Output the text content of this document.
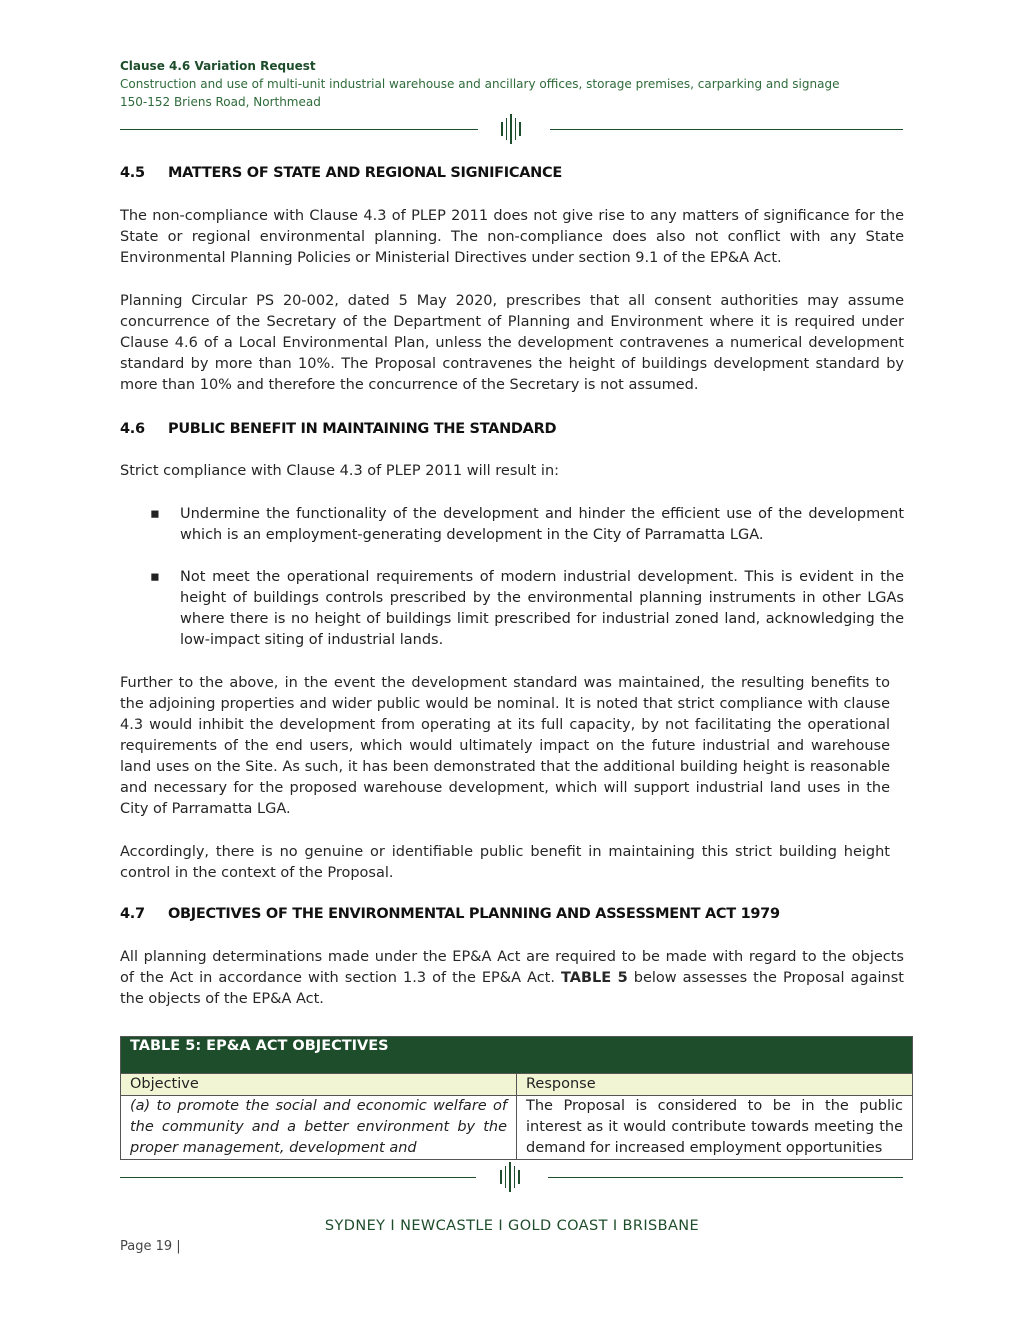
Clause 4.6 Variation Request
Construction and use of multi-unit industrial warehouse and ancillary offices, storage premises, carparking and signage
150-152 Briens Road, Northmead
4.5 MATTERS OF STATE AND REGIONAL SIGNIFICANCE

The non-compliance with Clause 4.3 of PLEP 2011 does not give rise to any matters of significance for the State or regional environmental planning. The non-compliance does also not conflict with any State Environmental Planning Policies or Ministerial Directives under section 9.1 of the EP&A Act.

Planning Circular PS 20-002, dated 5 May 2020, prescribes that all consent authorities may assume concurrence of the Secretary of the Department of Planning and Environment where it is required under Clause 4.6 of a Local Environmental Plan, unless the development contravenes a numerical development standard by more than 10%. The Proposal contravenes the height of buildings development standard by more than 10% and therefore the concurrence of the Secretary is not assumed.

4.6 PUBLIC BENEFIT IN MAINTAINING THE STANDARD

Strict compliance with Clause 4.3 of PLEP 2011 will result in:

▪ Undermine the functionality of the development and hinder the efficient use of the development which is an employment-generating development in the City of Parramatta LGA.
▪ Not meet the operational requirements of modern industrial development. This is evident in the height of buildings controls prescribed by the environmental planning instruments in other LGAs where there is no height of buildings limit prescribed for industrial zoned land, acknowledging the low-impact siting of industrial lands.

Further to the above, in the event the development standard was maintained, the resulting benefits to the adjoining properties and wider public would be nominal. It is noted that strict compliance with clause 4.3 would inhibit the development from operating at its full capacity, by not facilitating the operational requirements of the end users, which would ultimately impact on the future industrial and warehouse land uses on the Site. As such, it has been demonstrated that the additional building height is reasonable and necessary for the proposed warehouse development, which will support industrial land uses in the City of Parramatta LGA.

Accordingly, there is no genuine or identifiable public benefit in maintaining this strict building height control in the context of the Proposal.

4.7 OBJECTIVES OF THE ENVIRONMENTAL PLANNING AND ASSESSMENT ACT 1979

All planning determinations made under the EP&A Act are required to be made with regard to the objects of the Act in accordance with section 1.3 of the EP&A Act. TABLE 5 below assesses the Proposal against the objects of the EP&A Act.

TABLE 5: EP&A ACT OBJECTIVES	
Objective	Response
(a) to promote the social and economic welfare of the community and a better environment by the proper management, development and	The Proposal is considered to be in the public interest as it would contribute towards meeting the demand for increased employment opportunities
SYDNEY I NEWCASTLE I GOLD COAST I BRISBANE
Page 19 |
